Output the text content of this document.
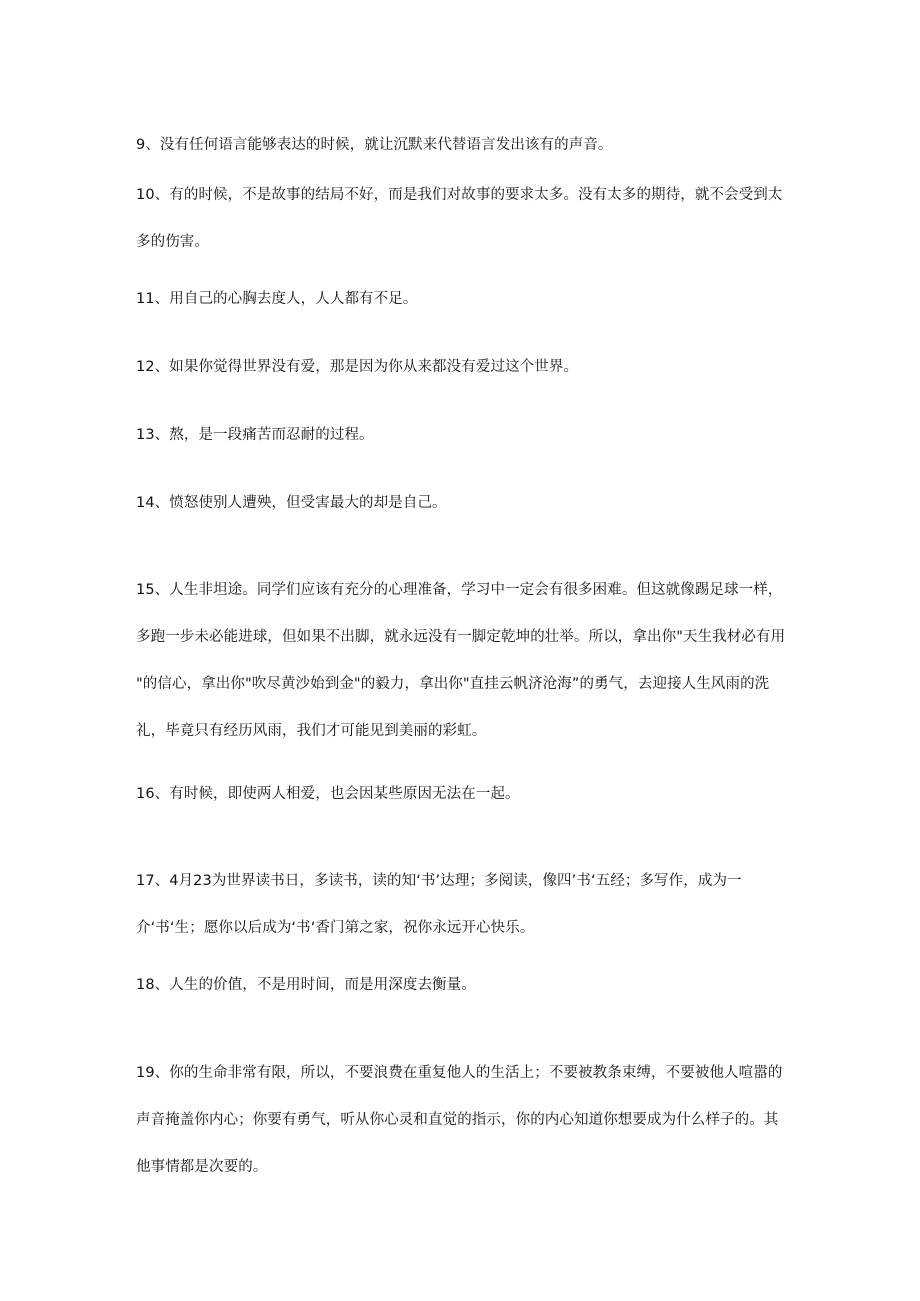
9、没有任何语言能够表达的时候，就让沉默来代替语言发出该有的声音。

10、有的时候，不是故事的结局不好，而是我们对故事的要求太多。没有太多的期待，就不会受到太
多的伤害。

11、用自己的心胸去度人，人人都有不足。

12、如果你觉得世界没有爱，那是因为你从来都没有爱过这个世界。

13、熬，是一段痛苦而忍耐的过程。

14、愤怒使别人遭殃，但受害最大的却是自己。

15、人生非坦途。同学们应该有充分的心理准备，学习中一定会有很多困难。但这就像踢足球一样，
多跑一步未必能进球，但如果不出脚，就永远没有一脚定乾坤的壮举。所以，拿出你"天生我材必有用
"的信心，拿出你"吹尽黄沙始到金"的毅力，拿出你"直挂云帆济沧海”的勇气，去迎接人生风雨的洗
礼，毕竟只有经历风雨，我们才可能见到美丽的彩虹。

16、有时候，即使两人相爱，也会因某些原因无法在一起。

17、4月23为世界读书日，多读书，读的知‘书’达理；多阅读，像四’书‘五经；多写作，成为一
介‘书‘生；愿你以后成为‘书‘香门第之家，祝你永远开心快乐。

18、人生的价值，不是用时间，而是用深度去衡量。

19、你的生命非常有限，所以，不要浪费在重复他人的生活上；不要被教条束缚，不要被他人喧嚣的
声音掩盖你内心；你要有勇气，听从你心灵和直觉的指示，你的内心知道你想要成为什么样子的。其
他事情都是次要的。
